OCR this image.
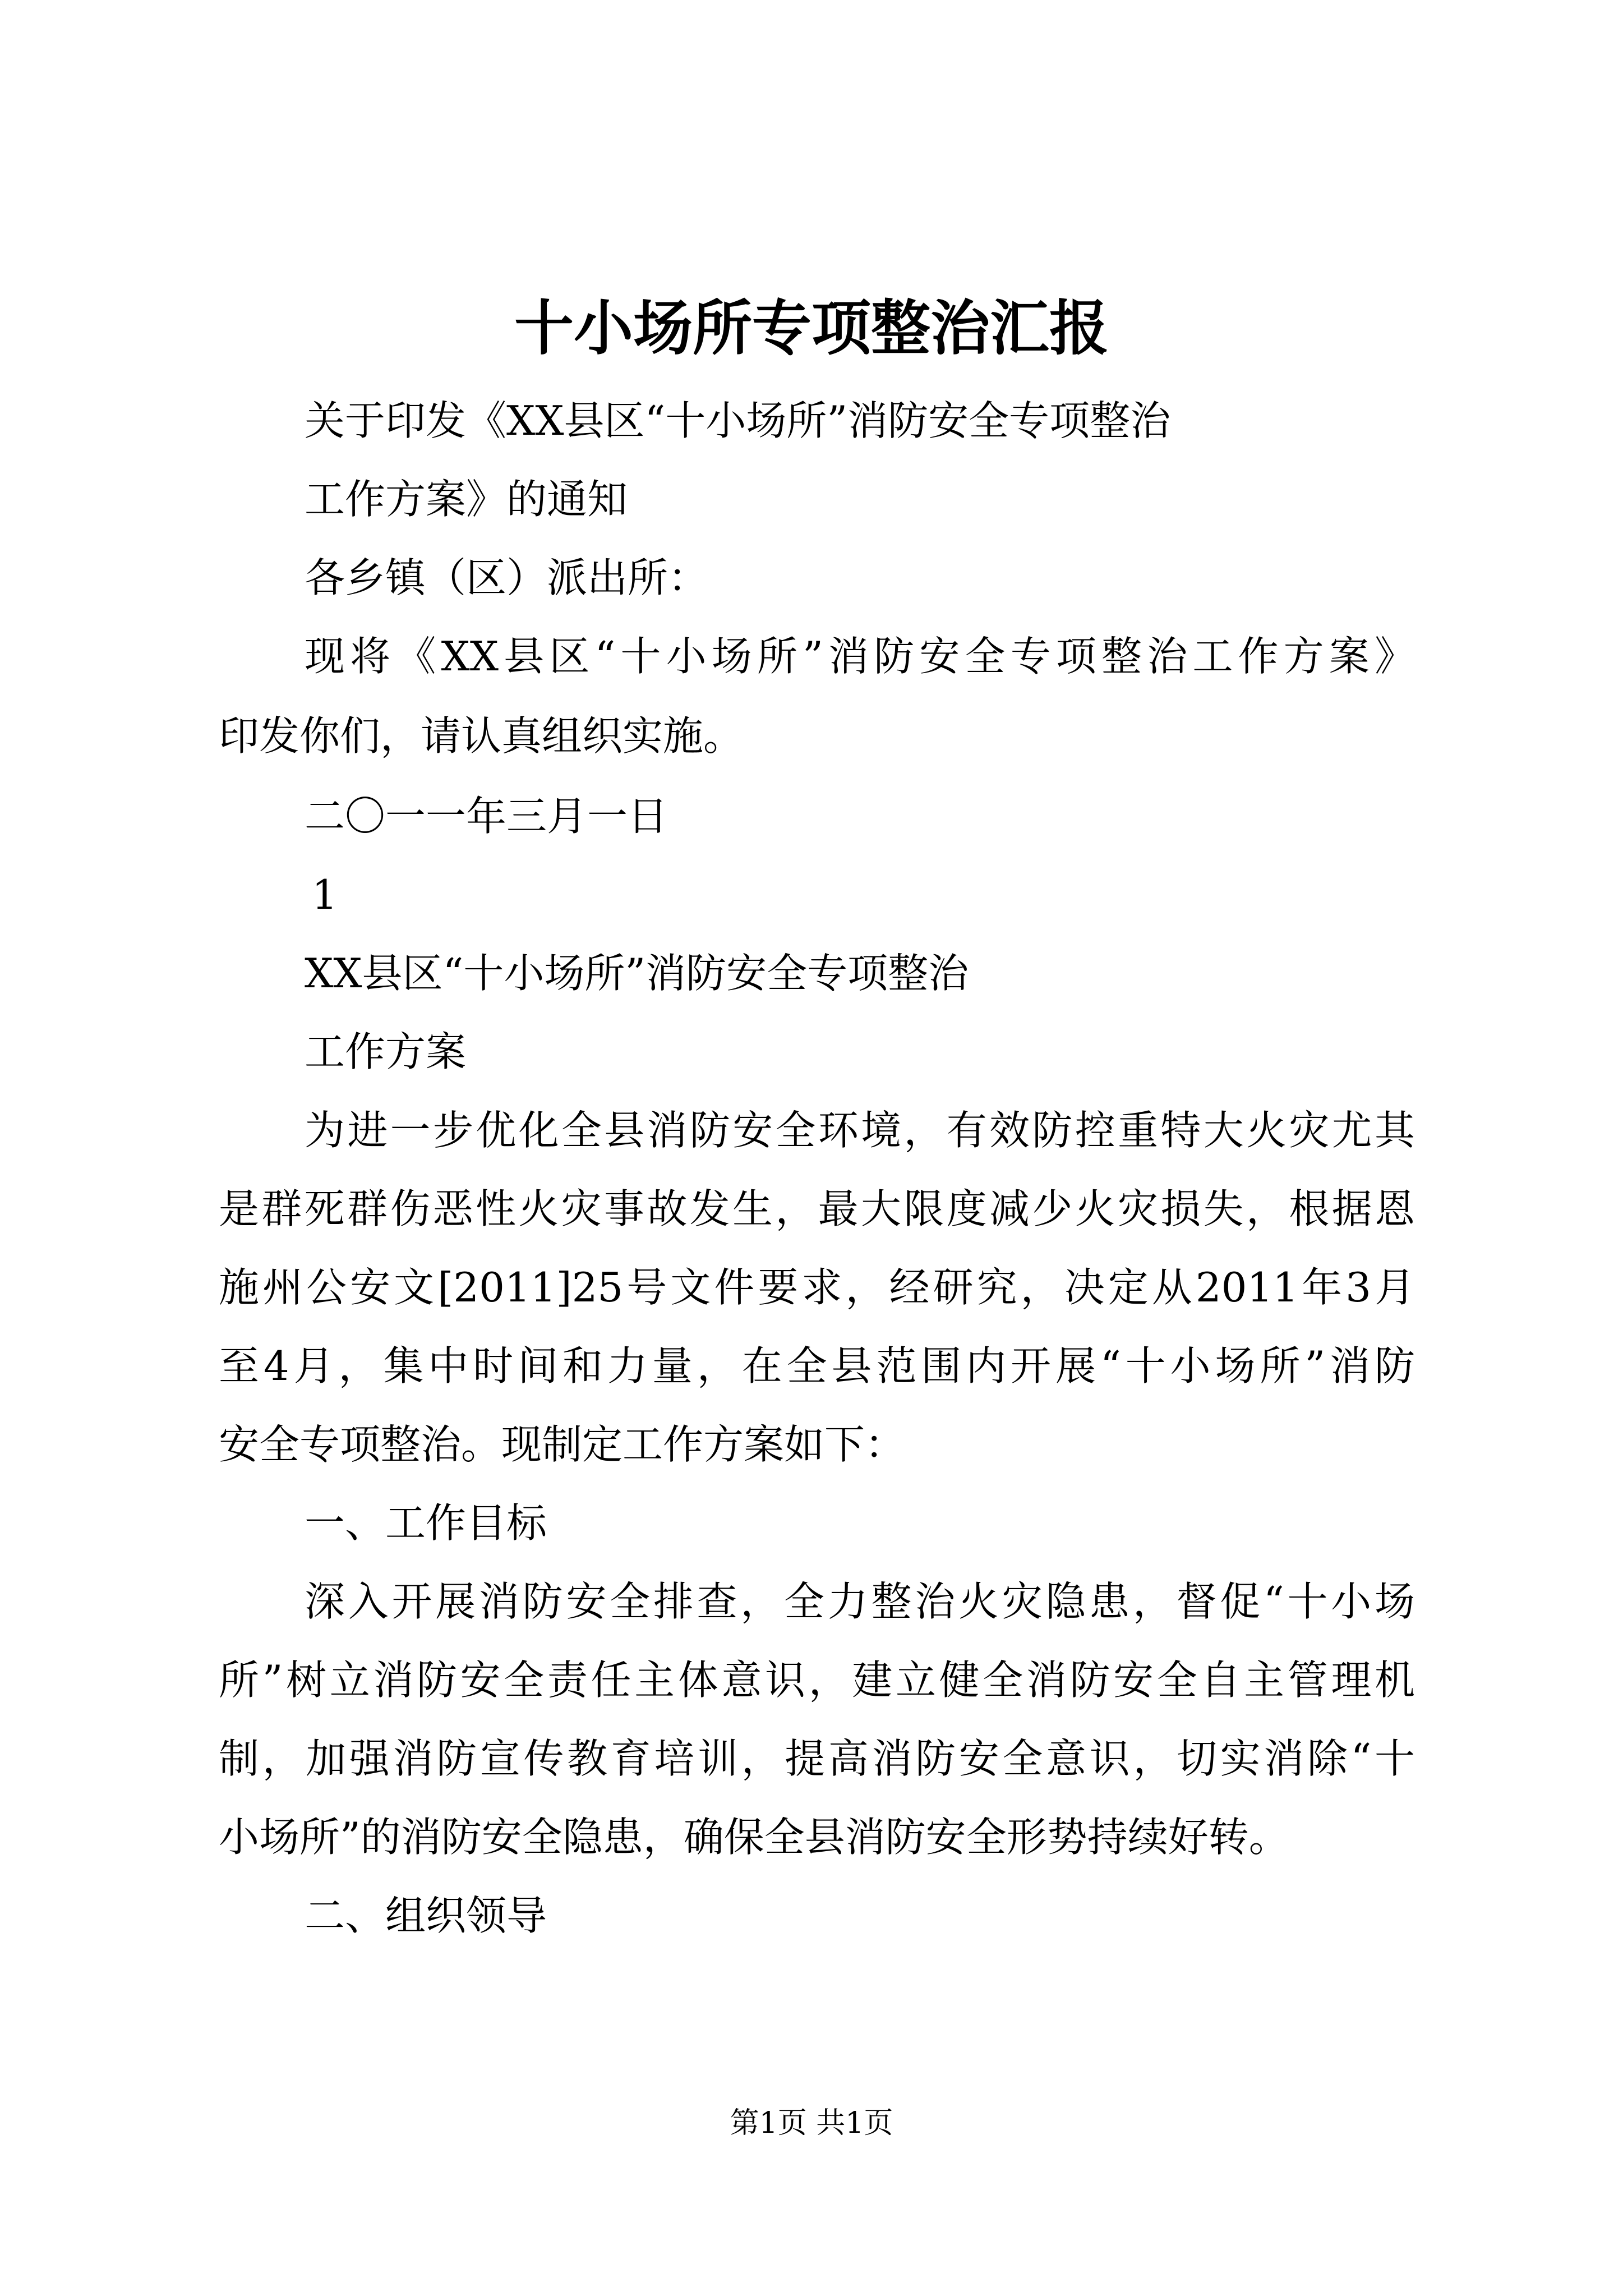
十小场所专项整治汇报
关于印发《XX县区“十小场所”消防安全专项整治
工作方案》的通知
各乡镇（区）派出所：
现将《XX县区“十小场所”消防安全专项整治工作方案》
印发你们，请认真组织实施。
二〇一一年三月一日
1
XX县区“十小场所”消防安全专项整治
工作方案
为进一步优化全县消防安全环境，有效防控重特大火灾尤其
是群死群伤恶性火灾事故发生，最大限度减少火灾损失，根据恩
施州公安文[2011]25号文件要求，经研究，决定从2011年3月
至4月，集中时间和力量，在全县范围内开展“十小场所”消防
安全专项整治。现制定工作方案如下：
一、工作目标
深入开展消防安全排查，全力整治火灾隐患，督促“十小场
所”树立消防安全责任主体意识，建立健全消防安全自主管理机
制，加强消防宣传教育培训，提高消防安全意识，切实消除“十
小场所”的消防安全隐患，确保全县消防安全形势持续好转。
二、组织领导
第1页 共1页
